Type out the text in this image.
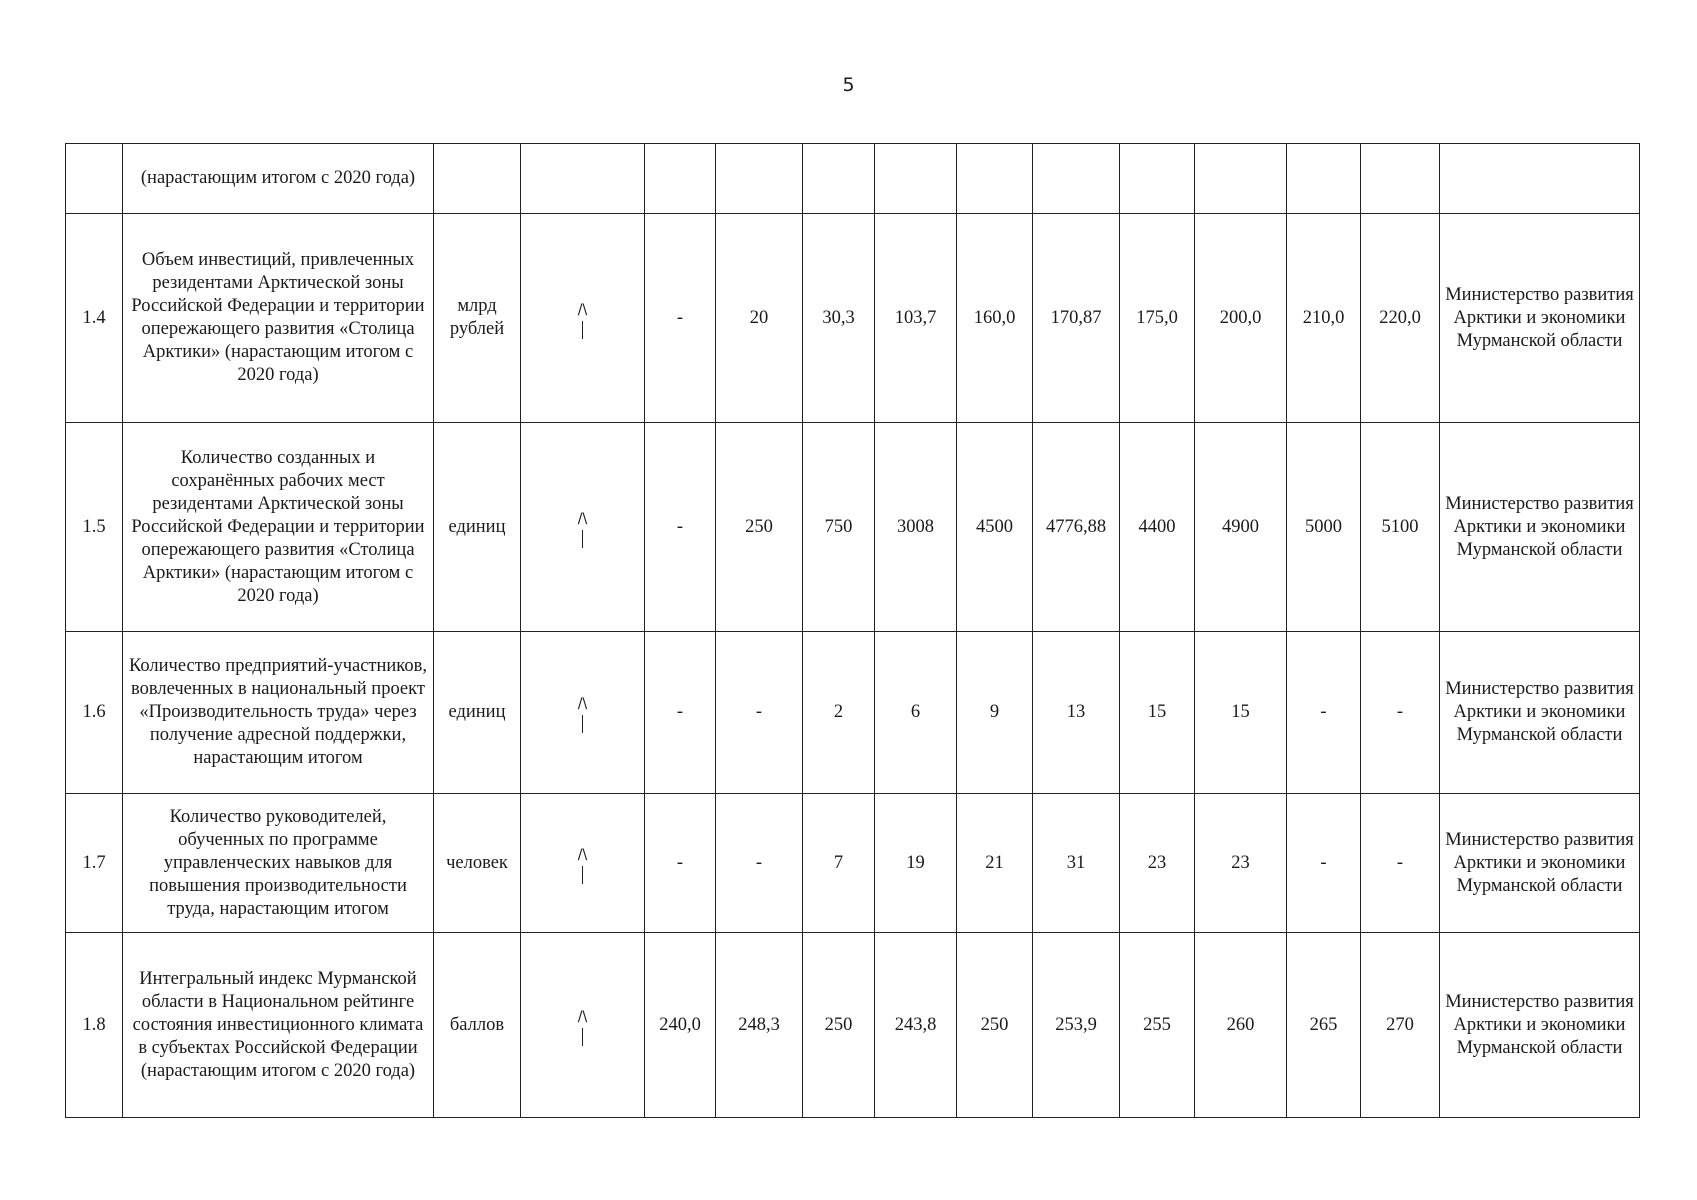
5
	(нарастающим итогом с 2020 года)													
1.4	Объем инвестиций, привлеченных резидентами Арктической зоны Российской Федерации и территории опережающего развития «Столица Арктики» (нарастающим итогом с 2020 года)	млрд рублей	/\	-	20	30,3	103,7	160,0	170,87	175,0	200,0	210,0	220,0	Министерство развития Арктики и экономики Мурманской области
1.5	Количество созданных и сохранённых рабочих мест резидентами Арктической зоны Российской Федерации и территории опережающего развития «Столица Арктики» (нарастающим итогом с 2020 года)	единиц	/\	-	250	750	3008	4500	4776,88	4400	4900	5000	5100	Министерство развития Арктики и экономики Мурманской области
1.6	Количество предприятий-участников, вовлеченных в национальный проект «Производительность труда» через получение адресной поддержки, нарастающим итогом	единиц	/\	-	-	2	6	9	13	15	15	-	-	Министерство развития Арктики и экономики Мурманской области
1.7	Количество руководителей, обученных по программе управленческих навыков для повышения производительности труда, нарастающим итогом	человек	/\	-	-	7	19	21	31	23	23	-	-	Министерство развития Арктики и экономики Мурманской области
1.8	Интегральный индекс Мурманской области в Национальном рейтинге состояния инвестиционного климата в субъектах Российской Федерации (нарастающим итогом с 2020 года)	баллов	/\	240,0	248,3	250	243,8	250	253,9	255	260	265	270	Министерство развития Арктики и экономики Мурманской области
